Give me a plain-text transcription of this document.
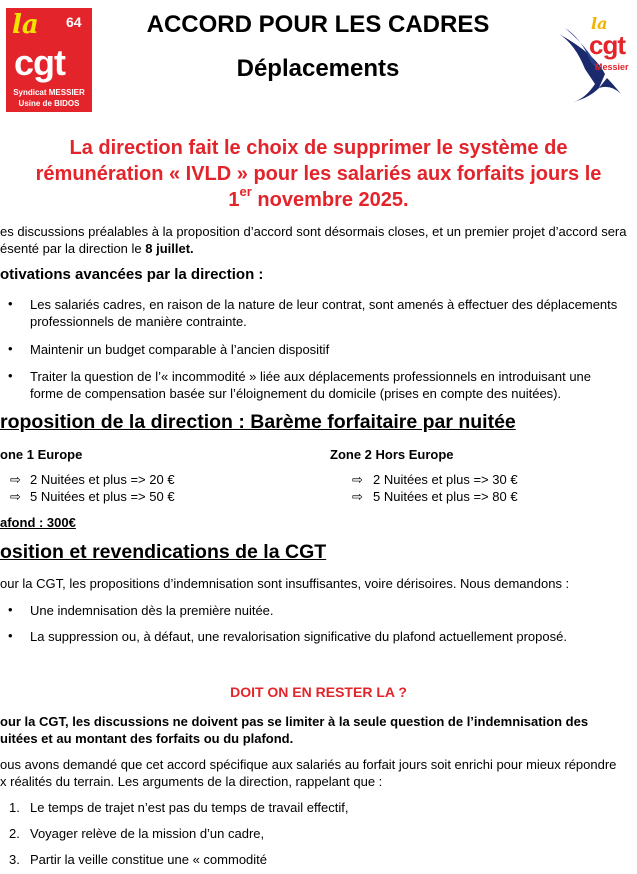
la 64
cgt
Syndicat MESSIER
Usine de BIDOS
ACCORD POUR LES CADRES
Déplacements
la
cgt
Messier
La direction fait le choix de supprimer le système de
rémunération « IVLD » pour les salariés aux forfaits jours le
1er novembre 2025.
es discussions préalables à la proposition d’accord sont désormais closes, et un premier projet d’accord sera
ésenté par la direction le 8 juillet.
otivations avancées par la direction :
• Les salariés cadres, en raison de la nature de leur contrat, sont amenés à effectuer des déplacements
professionnels de manière contrainte.
• Maintenir un budget comparable à l’ancien dispositif
• Traiter la question de l’« incommodité » liée aux déplacements professionnels en introduisant une
forme de compensation basée sur l’éloignement du domicile (prises en compte des nuitées).
roposition de la direction : Barème forfaitaire par nuitée
one 1 Europe	Zone 2 Hors Europe
⇨ 2 Nuitées et plus => 20 €
⇨ 5 Nuitées et plus => 50 €
⇨ 2 Nuitées et plus => 30 €
⇨ 5 Nuitées et plus => 80 €
afond : 300€
osition et revendications de la CGT
our la CGT, les propositions d’indemnisation sont insuffisantes, voire dérisoires. Nous demandons :
• Une indemnisation dès la première nuitée.
• La suppression ou, à défaut, une revalorisation significative du plafond actuellement proposé.
DOIT ON EN RESTER LA ?
our la CGT, les discussions ne doivent pas se limiter à la seule question de l’indemnisation des
uitées et au montant des forfaits ou du plafond.
ous avons demandé que cet accord spécifique aux salariés au forfait jours soit enrichi pour mieux répondre
x réalités du terrain. Les arguments de la direction, rappelant que :
1. Le temps de trajet n’est pas du temps de travail effectif,
2. Voyager relève de la mission d’un cadre,
3. Partir la veille constitue une « commodité
